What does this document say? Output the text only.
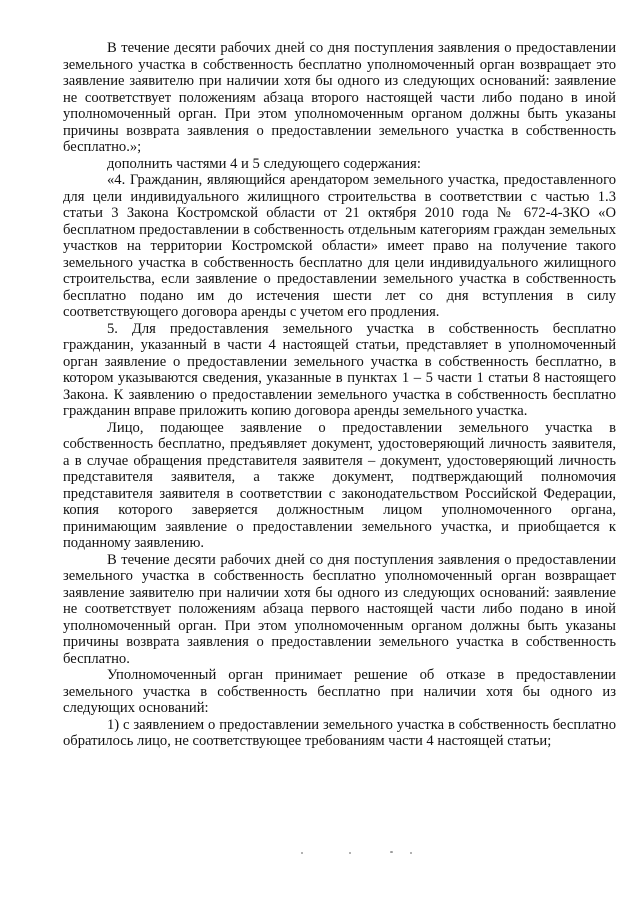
В течение десяти рабочих дней со дня поступления заявления о предоставлении земельного участка в собственность бесплатно уполномоченный орган возвращает это заявление заявителю при наличии хотя бы одного из следующих оснований: заявление не соответствует положениям абзаца второго настоящей части либо подано в иной уполномоченный орган. При этом уполномоченным органом должны быть указаны причины возврата заявления о предоставлении земельного участка в собственность бесплатно.»;

дополнить частями 4 и 5 следующего содержания:

«4. Гражданин, являющийся арендатором земельного участка, предоставленного для цели индивидуального жилищного строительства в соответствии с частью 1.3 статьи 3 Закона Костромской области от 21 октября 2010 года № 672-4-ЗКО «О бесплатном предоставлении в собственность отдельным категориям граждан земельных участков на территории Костромской области» имеет право на получение такого земельного участка в собственность бесплатно для цели индивидуального жилищного строительства, если заявление о предоставлении земельного участка в собственность бесплатно подано им до истечения шести лет со дня вступления в силу соответствующего договора аренды с учетом его продления.

5. Для предоставления земельного участка в собственность бесплатно гражданин, указанный в части 4 настоящей статьи, представляет в уполномоченный орган заявление о предоставлении земельного участка в собственность бесплатно, в котором указываются сведения, указанные в пунктах 1 – 5 части 1 статьи 8 настоящего Закона. К заявлению о предоставлении земельного участка в собственность бесплатно гражданин вправе приложить копию договора аренды земельного участка.

Лицо, подающее заявление о предоставлении земельного участка в собственность бесплатно, предъявляет документ, удостоверяющий личность заявителя, а в случае обращения представителя заявителя – документ, удостоверяющий личность представителя заявителя, а также документ, подтверждающий полномочия представителя заявителя в соответствии с законодательством Российской Федерации, копия которого заверяется должностным лицом уполномоченного органа, принимающим заявление о предоставлении земельного участка, и приобщается к поданному заявлению.

В течение десяти рабочих дней со дня поступления заявления о предоставлении земельного участка в собственность бесплатно уполномоченный орган возвращает заявление заявителю при наличии хотя бы одного из следующих оснований: заявление не соответствует положениям абзаца первого настоящей части либо подано в иной уполномоченный орган. При этом уполномоченным органом должны быть указаны причины возврата заявления о предоставлении земельного участка в собственность бесплатно.

Уполномоченный орган принимает решение об отказе в предоставлении земельного участка в собственность бесплатно при наличии хотя бы одного из следующих оснований:

1) с заявлением о предоставлении земельного участка в собственность бесплатно обратилось лицо, не соответствующее требованиям части 4 настоящей статьи;
